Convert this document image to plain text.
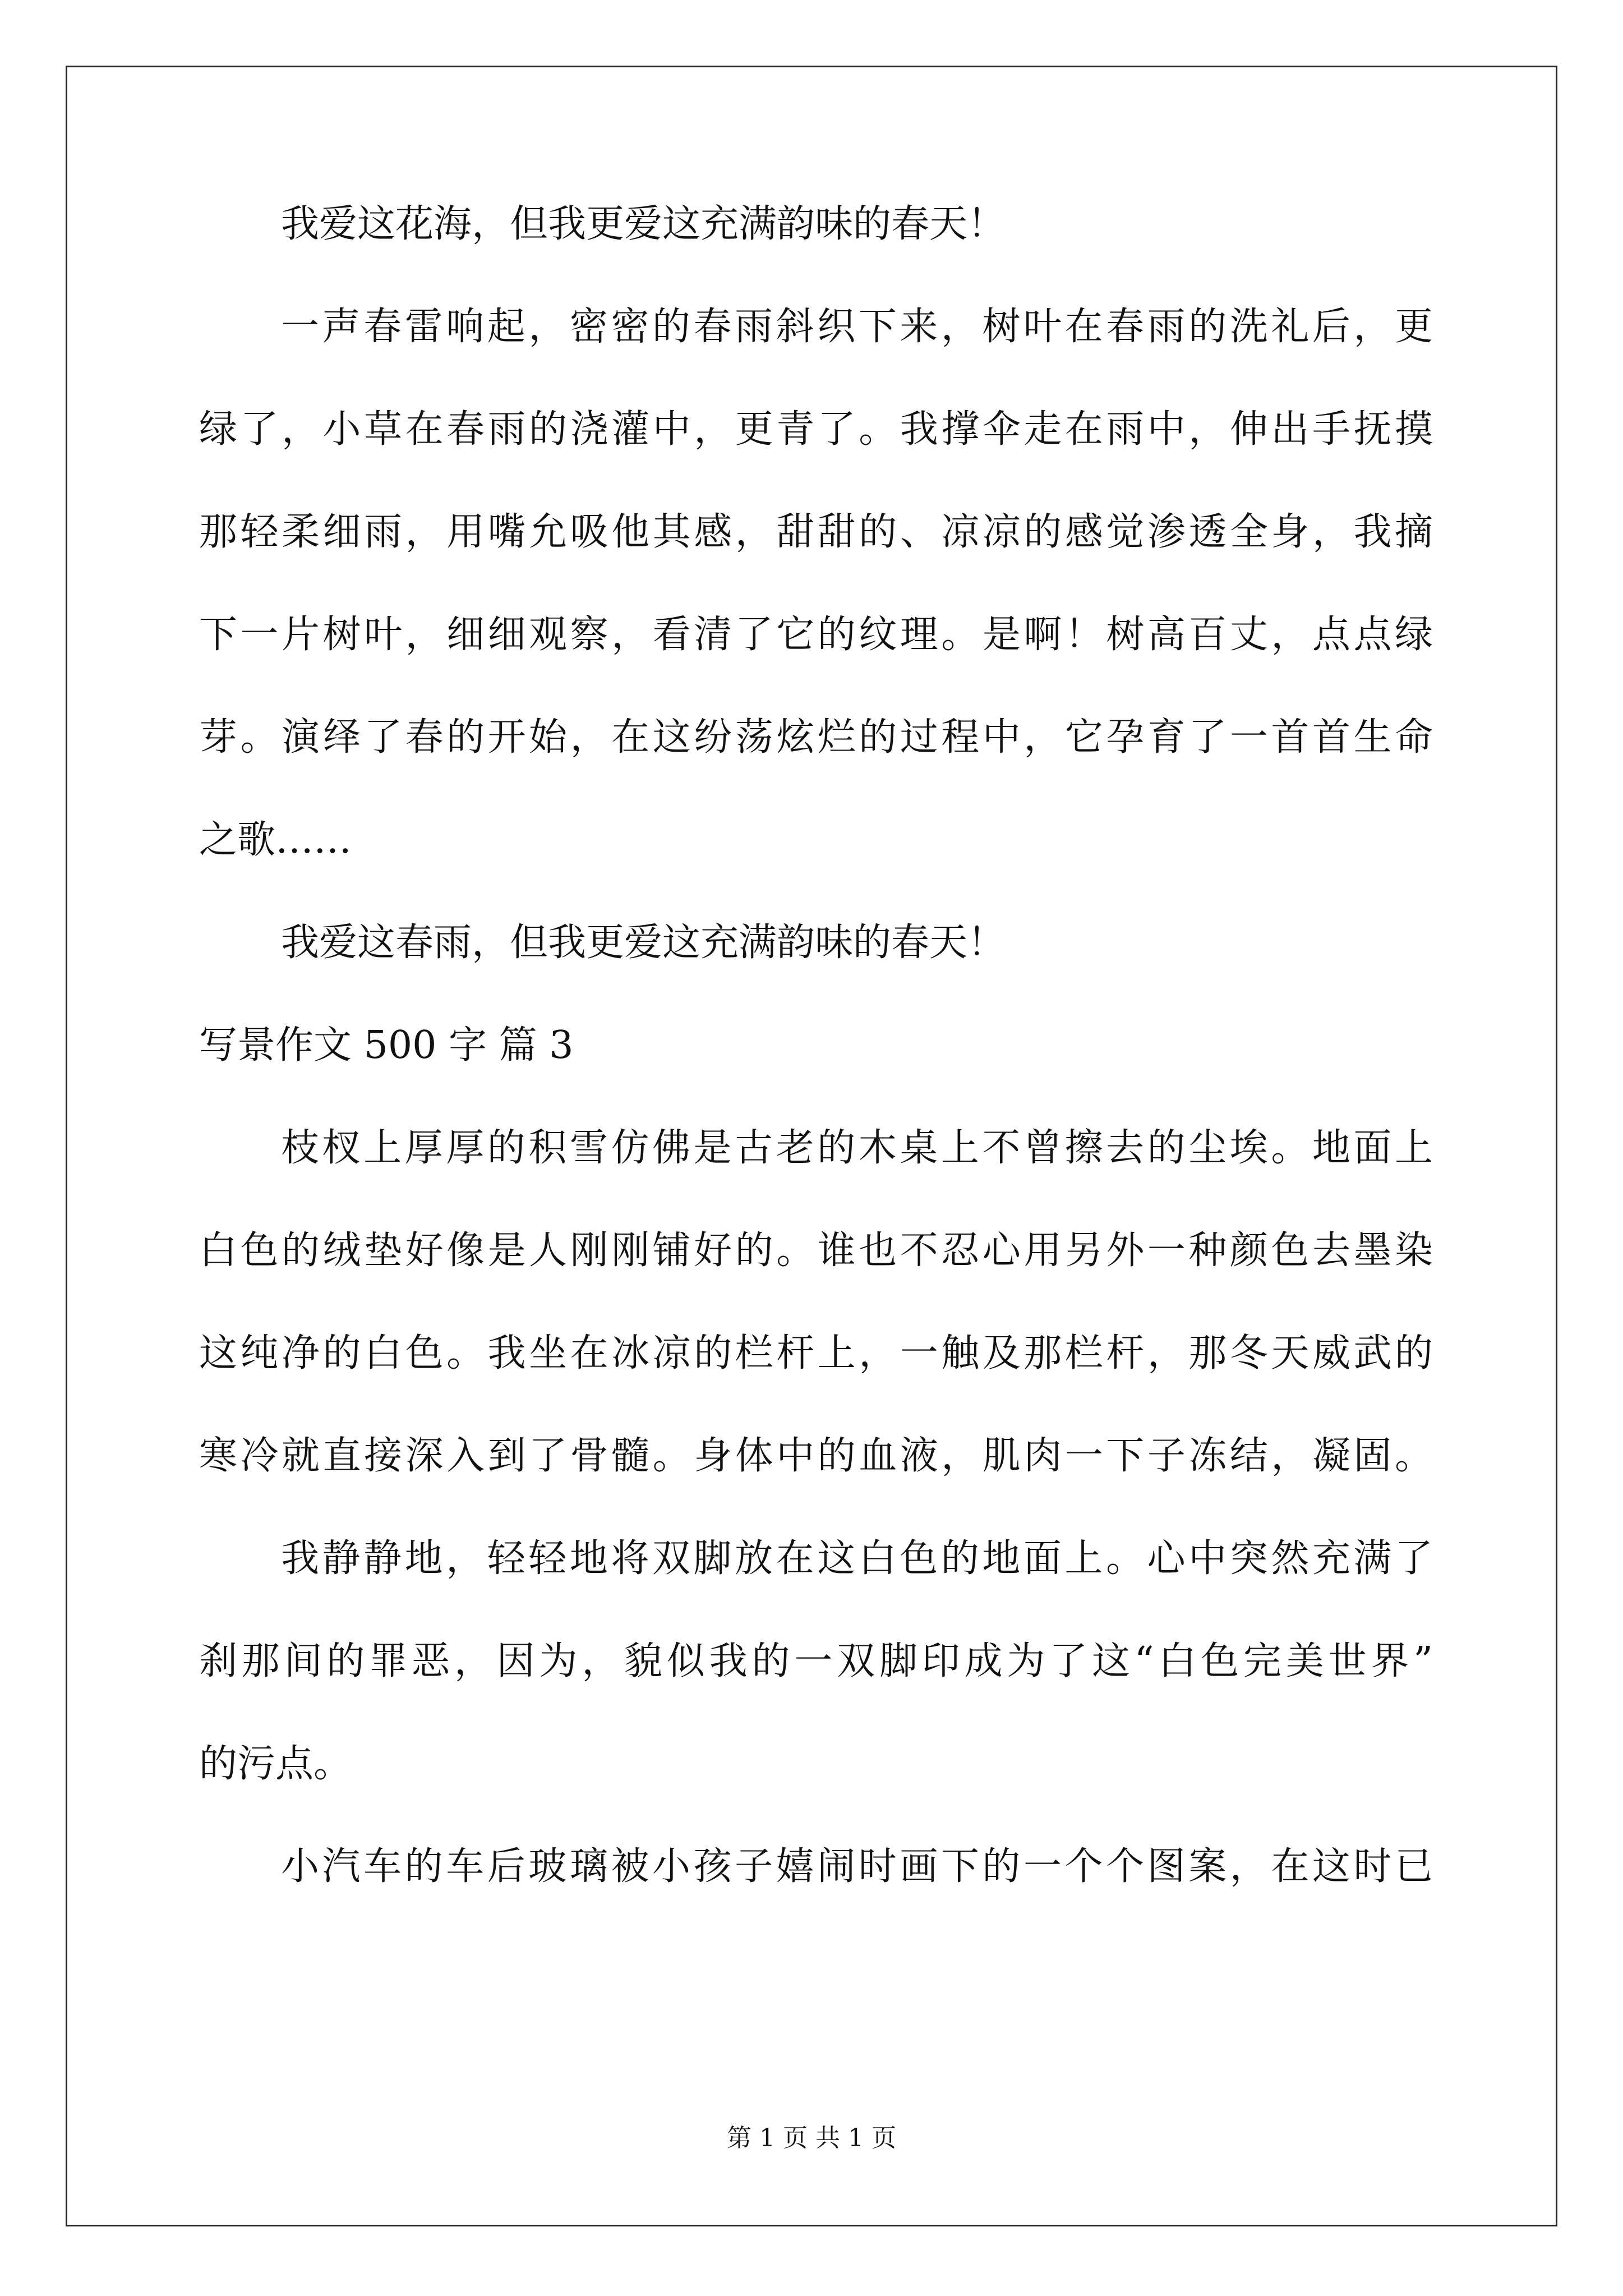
我爱这花海，但我更爱这充满韵味的春天！
一声春雷响起，密密的春雨斜织下来，树叶在春雨的洗礼后，更
绿了，小草在春雨的浇灌中，更青了。我撑伞走在雨中，伸出手抚摸
那轻柔细雨，用嘴允吸他其感，甜甜的、凉凉的感觉渗透全身，我摘
下一片树叶，细细观察，看清了它的纹理。是啊！树高百丈，点点绿
芽。演绎了春的开始，在这纷荡炫烂的过程中，它孕育了一首首生命
之歌……
我爱这春雨，但我更爱这充满韵味的春天！
写景作文 500 字 篇 3
枝杈上厚厚的积雪仿佛是古老的木桌上不曾擦去的尘埃。地面上
白色的绒垫好像是人刚刚铺好的。谁也不忍心用另外一种颜色去墨染
这纯净的白色。我坐在冰凉的栏杆上，一触及那栏杆，那冬天威武的
寒冷就直接深入到了骨髓。身体中的血液，肌肉一下子冻结，凝固。
我静静地，轻轻地将双脚放在这白色的地面上。心中突然充满了
刹那间的罪恶，因为，貌似我的一双脚印成为了这“白色完美世界”
的污点。
小汽车的车后玻璃被小孩子嬉闹时画下的一个个图案，在这时已
第 1 页 共 1 页
